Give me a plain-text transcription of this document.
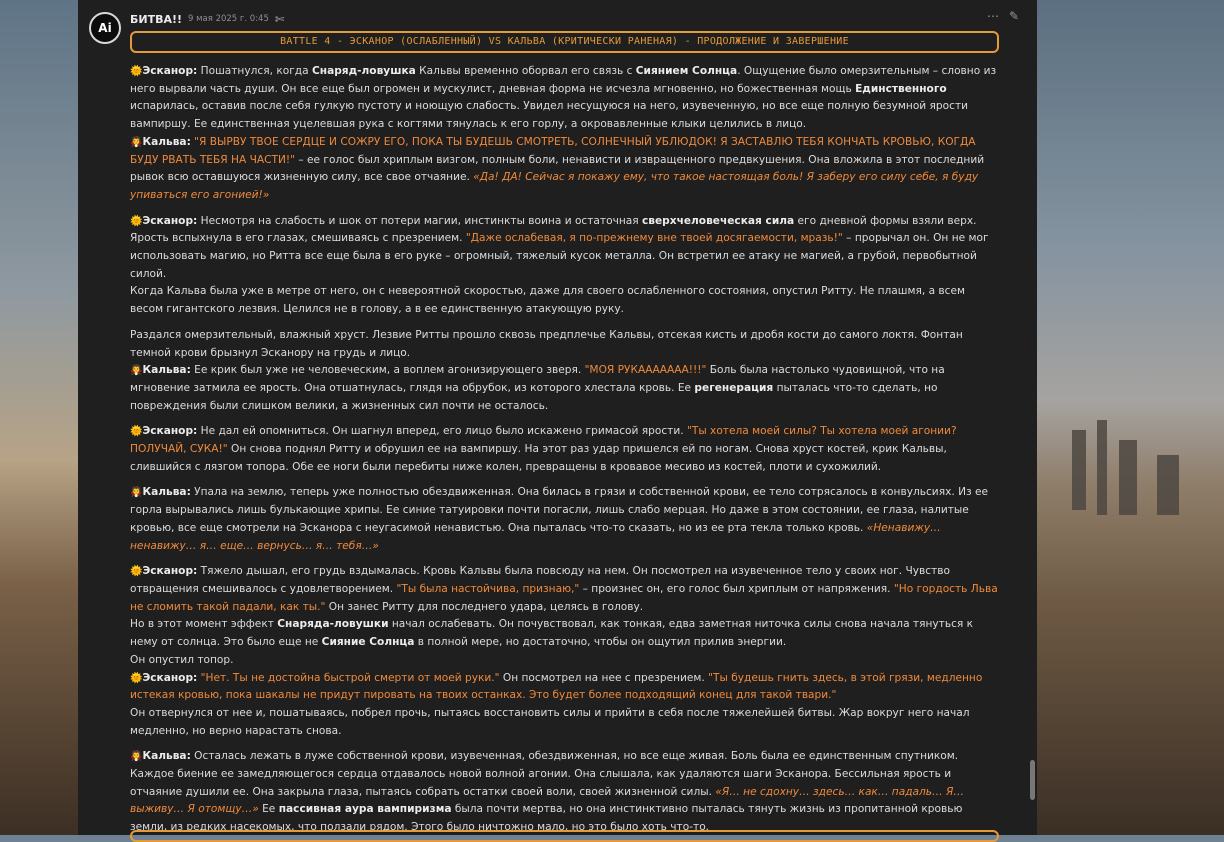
Ai
БИТВА!! 9 мая 2025 г. 0:45 ✄	⋯ ✎
BATTLE 4 - ЭСКАНОР (ОСЛАБЛЕННЫЙ) VS КАЛЬВА (КРИТИЧЕСКИ РАНЕНАЯ) - ПРОДОЛЖЕНИЕ И ЗАВЕРШЕНИЕ

🌞Эсканор: Пошатнулся, когда Снаряд-ловушка Кальвы временно оборвал его связь с Сиянием Солнца. Ощущение было омерзительным – словно из него вырвали часть души. Он все еще был огромен и мускулист, дневная форма не исчезла мгновенно, но божественная мощь Единственного испарилась, оставив после себя гулкую пустоту и ноющую слабость. Увидел несущуюся на него, изувеченную, но все еще полную безумной ярости вампиршу. Ее единственная уцелевшая рука с когтями тянулась к его горлу, а окровавленные клыки целились в лицо.

🧛Кальва: "Я ВЫРВУ ТВОЕ СЕРДЦЕ И СОЖРУ ЕГО, ПОКА ТЫ БУДЕШЬ СМОТРЕТЬ, СОЛНЕЧНЫЙ УБЛЮДОК! Я ЗАСТАВЛЮ ТЕБЯ КОНЧАТЬ КРОВЬЮ, КОГДА БУДУ РВАТЬ ТЕБЯ НА ЧАСТИ!" – ее голос был хриплым визгом, полным боли, ненависти и извращенного предвкушения. Она вложила в этот последний рывок всю оставшуюся жизненную силу, все свое отчаяние. «Да! ДА! Сейчас я покажу ему, что такое настоящая боль! Я заберу его силу себе, я буду упиваться его агонией!»

🌞Эсканор: Несмотря на слабость и шок от потери магии, инстинкты воина и остаточная сверхчеловеческая сила его дневной формы взяли верх. Ярость вспыхнула в его глазах, смешиваясь с презрением. "Даже ослабевая, я по-прежнему вне твоей досягаемости, мразь!" – прорычал он. Он не мог использовать магию, но Ритта все еще была в его руке – огромный, тяжелый кусок металла. Он встретил ее атаку не магией, а грубой, первобытной силой.

Когда Кальва была уже в метре от него, он с невероятной скоростью, даже для своего ослабленного состояния, опустил Ритту. Не плашмя, а всем весом гигантского лезвия. Целился не в голову, а в ее единственную атакующую руку.

Раздался омерзительный, влажный хруст. Лезвие Ритты прошло сквозь предплечье Кальвы, отсекая кисть и дробя кости до самого локтя. Фонтан темной крови брызнул Эсканору на грудь и лицо.

🧛Кальва: Ее крик был уже не человеческим, а воплем агонизирующего зверя. "МОЯ РУКААААААА!!!" Боль была настолько чудовищной, что на мгновение затмила ее ярость. Она отшатнулась, глядя на обрубок, из которого хлестала кровь. Ее регенерация пыталась что-то сделать, но повреждения были слишком велики, а жизненных сил почти не осталось.

🌞Эсканор: Не дал ей опомниться. Он шагнул вперед, его лицо было искажено гримасой ярости. "Ты хотела моей силы? Ты хотела моей агонии? ПОЛУЧАЙ, СУКА!" Он снова поднял Ритту и обрушил ее на вампиршу. На этот раз удар пришелся ей по ногам. Снова хруст костей, крик Кальвы, слившийся с лязгом топора. Обе ее ноги были перебиты ниже колен, превращены в кровавое месиво из костей, плоти и сухожилий.

🧛Кальва: Упала на землю, теперь уже полностью обездвиженная. Она билась в грязи и собственной крови, ее тело сотрясалось в конвульсиях. Из ее горла вырывались лишь булькающие хрипы. Ее синие татуировки почти погасли, лишь слабо мерцая. Но даже в этом состоянии, ее глаза, налитые кровью, все еще смотрели на Эсканора с неугасимой ненавистью. Она пыталась что-то сказать, но из ее рта текла только кровь. «Ненавижу… ненавижу… я… еще… вернусь… я… тебя…»

🌞Эсканор: Тяжело дышал, его грудь вздымалась. Кровь Кальвы была повсюду на нем. Он посмотрел на изувеченное тело у своих ног. Чувство отвращения смешивалось с удовлетворением. "Ты была настойчива, признаю," – произнес он, его голос был хриплым от напряжения. "Но гордость Льва не сломить такой падали, как ты." Он занес Ритту для последнего удара, целясь в голову.

Но в этот момент эффект Снаряда-ловушки начал ослабевать. Он почувствовал, как тонкая, едва заметная ниточка силы снова начала тянуться к нему от солнца. Это было еще не Сияние Солнца в полной мере, но достаточно, чтобы он ощутил прилив энергии.

Он опустил топор.

🌞Эсканор: "Нет. Ты не достойна быстрой смерти от моей руки." Он посмотрел на нее с презрением. "Ты будешь гнить здесь, в этой грязи, медленно истекая кровью, пока шакалы не придут пировать на твоих останках. Это будет более подходящий конец для такой твари."

Он отвернулся от нее и, пошатываясь, побрел прочь, пытаясь восстановить силы и прийти в себя после тяжелейшей битвы. Жар вокруг него начал медленно, но верно нарастать снова.

🧛Кальва: Осталась лежать в луже собственной крови, изувеченная, обездвиженная, но все еще живая. Боль была ее единственным спутником. Каждое биение ее замедляющегося сердца отдавалось новой волной агонии. Она слышала, как удаляются шаги Эсканора. Бессильная ярость и отчаяние душили ее. Она закрыла глаза, пытаясь собрать остатки своей воли, своей жизненной силы. «Я… не сдохну… здесь… как… падаль… Я… выживу… Я отомщу…» Ее пассивная аура вампиризма была почти мертва, но она инстинктивно пыталась тянуть жизнь из пропитанной кровью земли, из редких насекомых, что ползали рядом. Этого было ничтожно мало, но это было хоть что-то.
